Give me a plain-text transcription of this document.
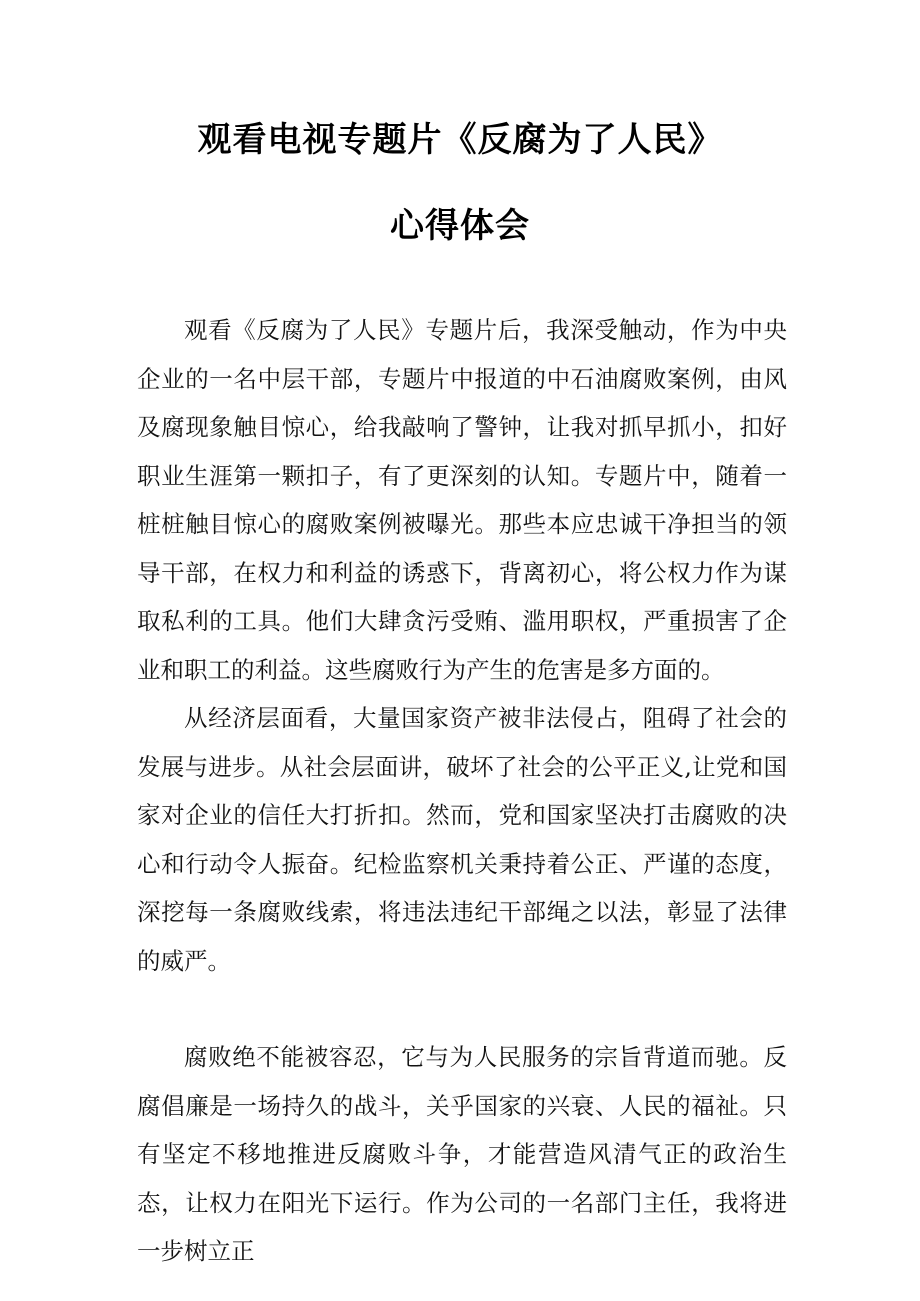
观看电视专题片《反腐为了人民》
心得体会

观看《反腐为了人民》专题片后，我深受触动，作为中央企业的一名中层干部，专题片中报道的中石油腐败案例，由风及腐现象触目惊心，给我敲响了警钟，让我对抓早抓小，扣好职业生涯第一颗扣子，有了更深刻的认知。专题片中，随着一桩桩触目惊心的腐败案例被曝光。那些本应忠诚干净担当的领导干部，在权力和利益的诱惑下，背离初心，将公权力作为谋取私利的工具。他们大肆贪污受贿、滥用职权，严重损害了企业和职工的利益。这些腐败行为产生的危害是多方面的。

从经济层面看，大量国家资产被非法侵占，阻碍了社会的发展与进步。从社会层面讲，破坏了社会的公平正义,让党和国家对企业的信任大打折扣。然而，党和国家坚决打击腐败的决心和行动令人振奋。纪检监察机关秉持着公正、严谨的态度，深挖每一条腐败线索，将违法违纪干部绳之以法，彰显了法律的威严。

腐败绝不能被容忍，它与为人民服务的宗旨背道而驰。反腐倡廉是一场持久的战斗，关乎国家的兴衰、人民的福祉。只有坚定不移地推进反腐败斗争，才能营造风清气正的政治生态，让权力在阳光下运行。作为公司的一名部门主任，我将进一步树立正
